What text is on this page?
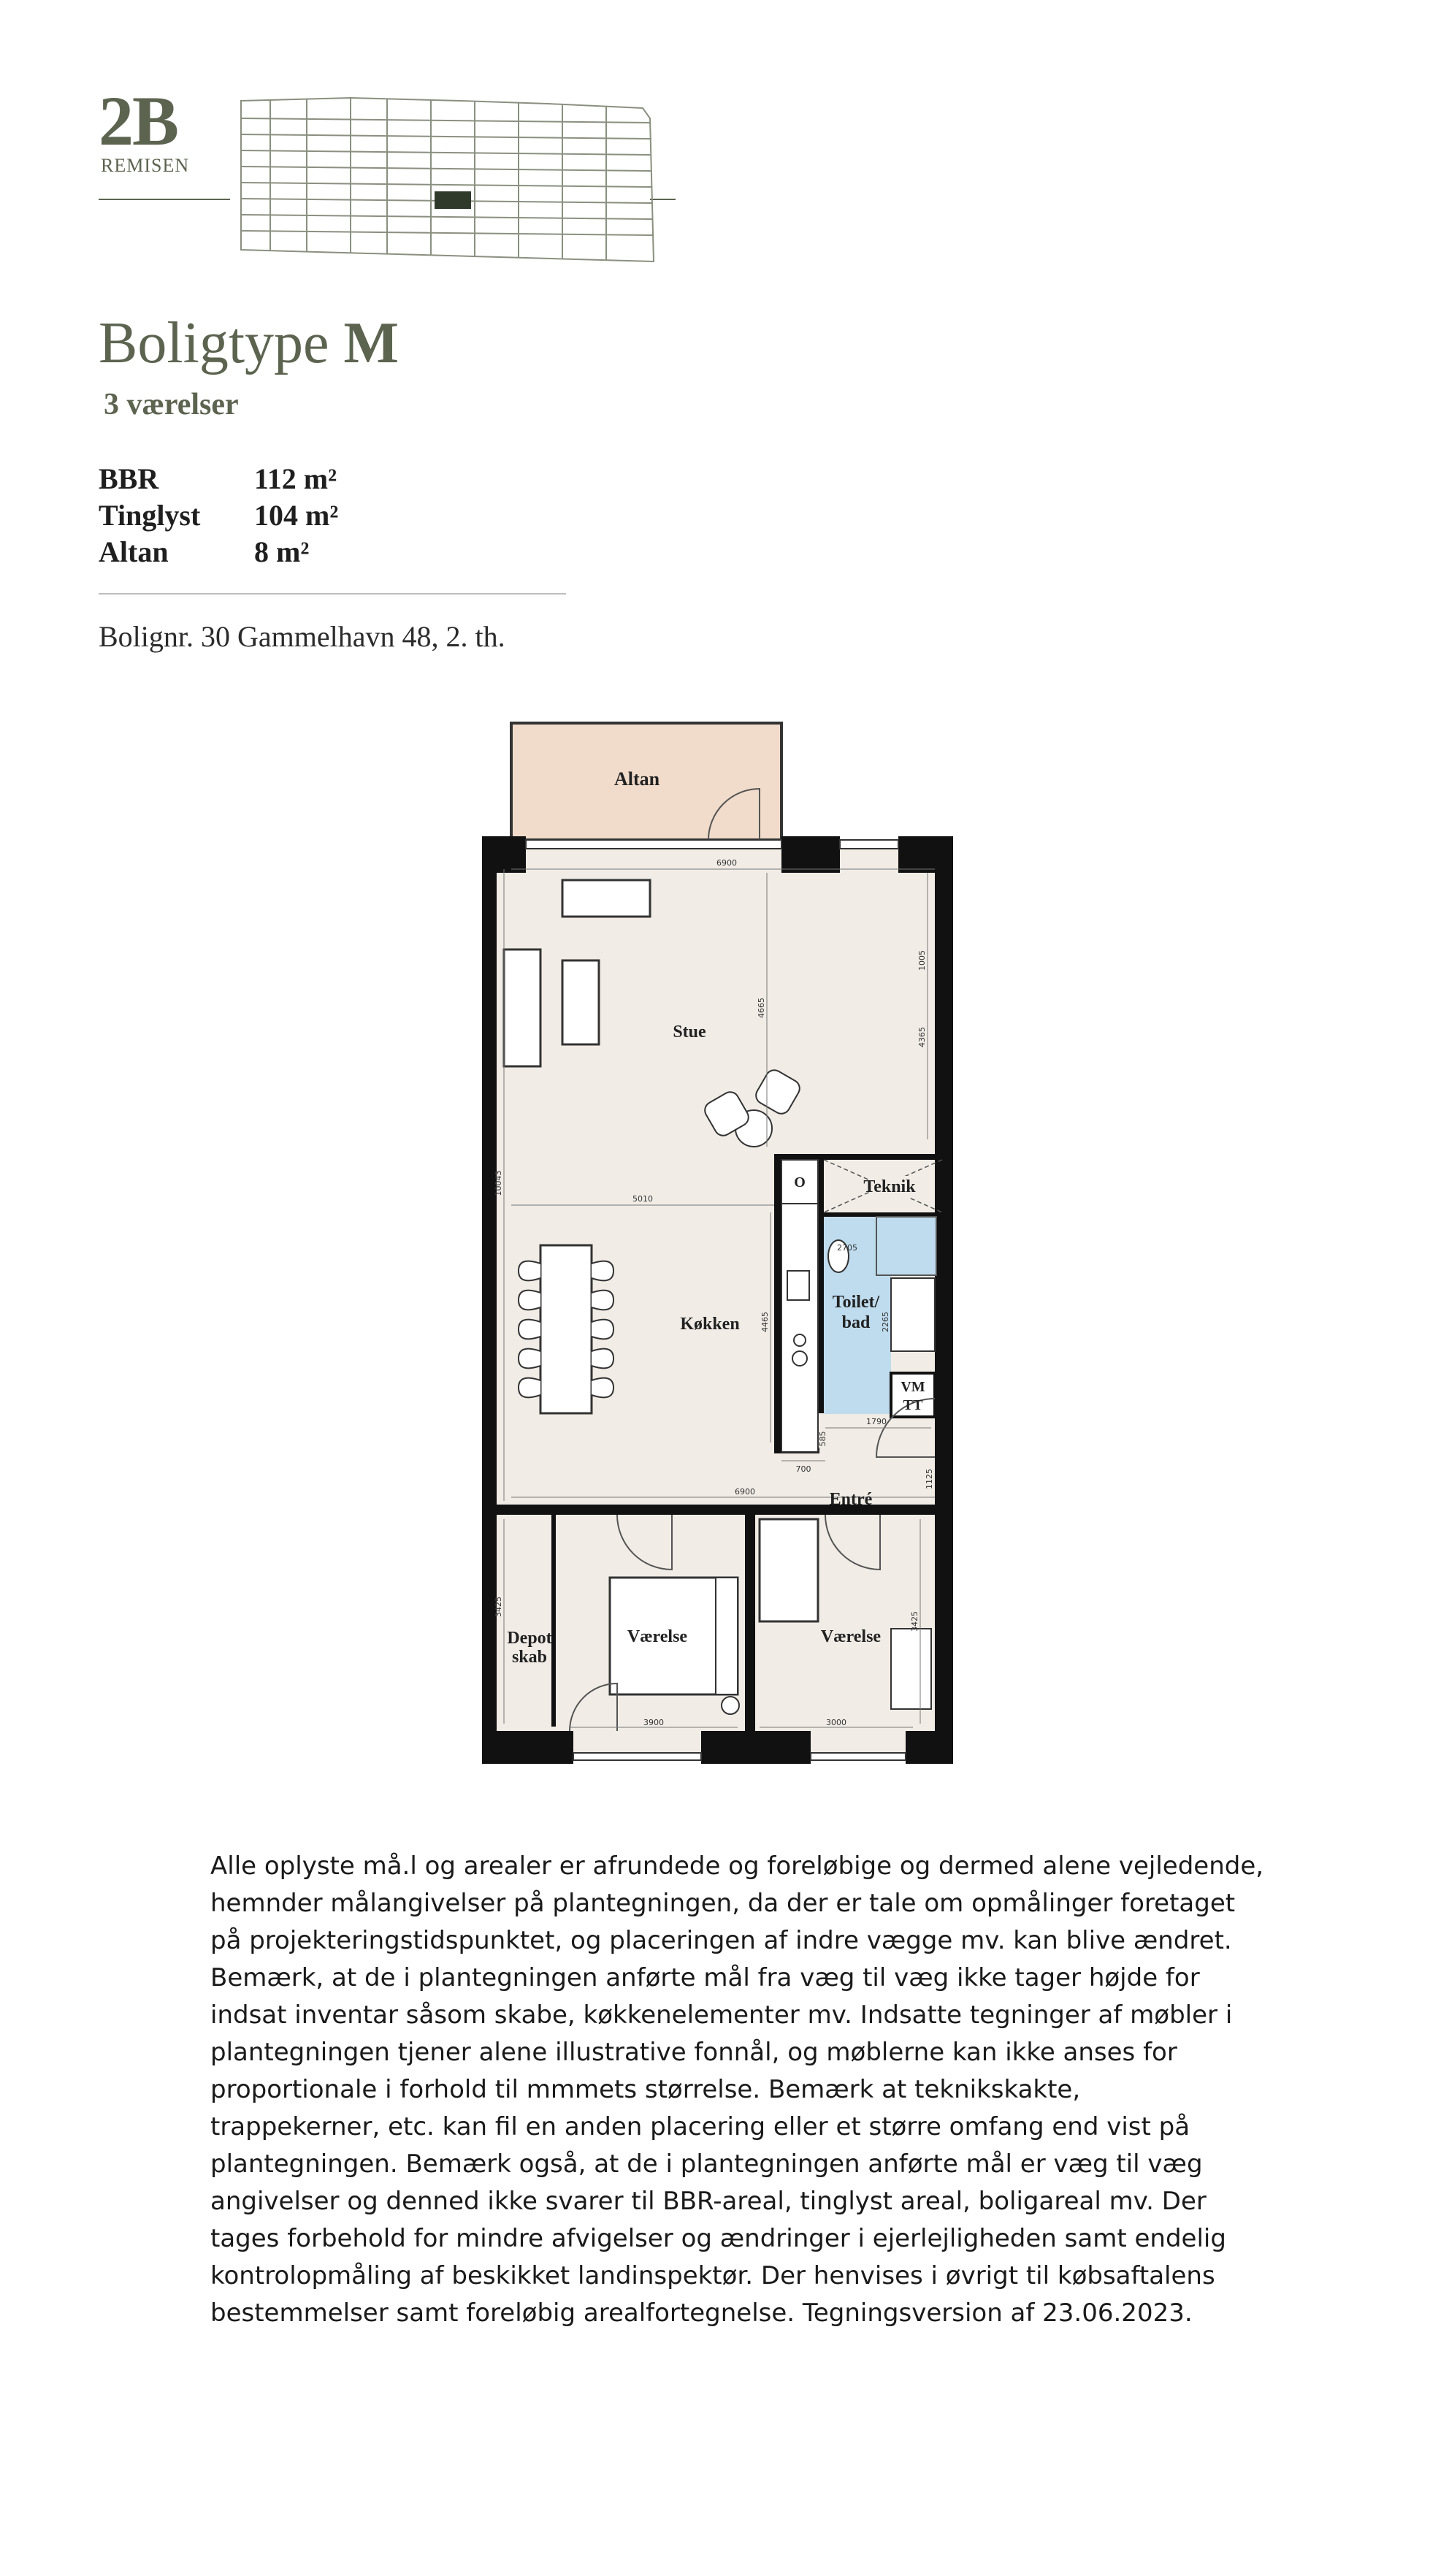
2B
REMISEN
Boligtype M
3 værelser
BBR	112 m²
Tinglyst	104 m²
Altan	8 m²
Bolignr. 30 Gammelhavn 48, 2. th.
Altan
6900
4665
4365
1005
5010
10043
4465
2705
2265
1790
1125
700
585
6900
3425
3425
3900	3000
Stue
Køkken
Teknik
Toilet/
bad
Entré
Depot
skab
Værelse	Værelse
VM
TT
O
Alle oplyste må.l og arealer er afrundede og foreløbige og dermed alene vejledende,
hemnder målangivelser på plantegningen, da der er tale om opmålinger foretaget
på projekteringstidspunktet, og placeringen af indre vægge mv. kan blive ændret.
Bemærk, at de i plantegningen anførte mål fra væg til væg ikke tager højde for
indsat inventar såsom skabe, køkkenelementer mv. Indsatte tegninger af møbler i
plantegningen tjener alene illustrative fonnål, og møblerne kan ikke anses for
proportionale i forhold til mmmets størrelse. Bemærk at teknikskakte,
trappekerner, etc. kan fil en anden placering eller et større omfang end vist på
plantegningen. Bemærk også, at de i plantegningen anførte mål er væg til væg
angivelser og denned ikke svarer til BBR-areal, tinglyst areal, boligareal mv. Der
tages forbehold for mindre afvigelser og ændringer i ejerlejligheden samt endelig
kontrolopmåling af beskikket landinspektør. Der henvises i øvrigt til købsaftalens
bestemmelser samt foreløbig arealfortegnelse. Tegningsversion af 23.06.2023.
